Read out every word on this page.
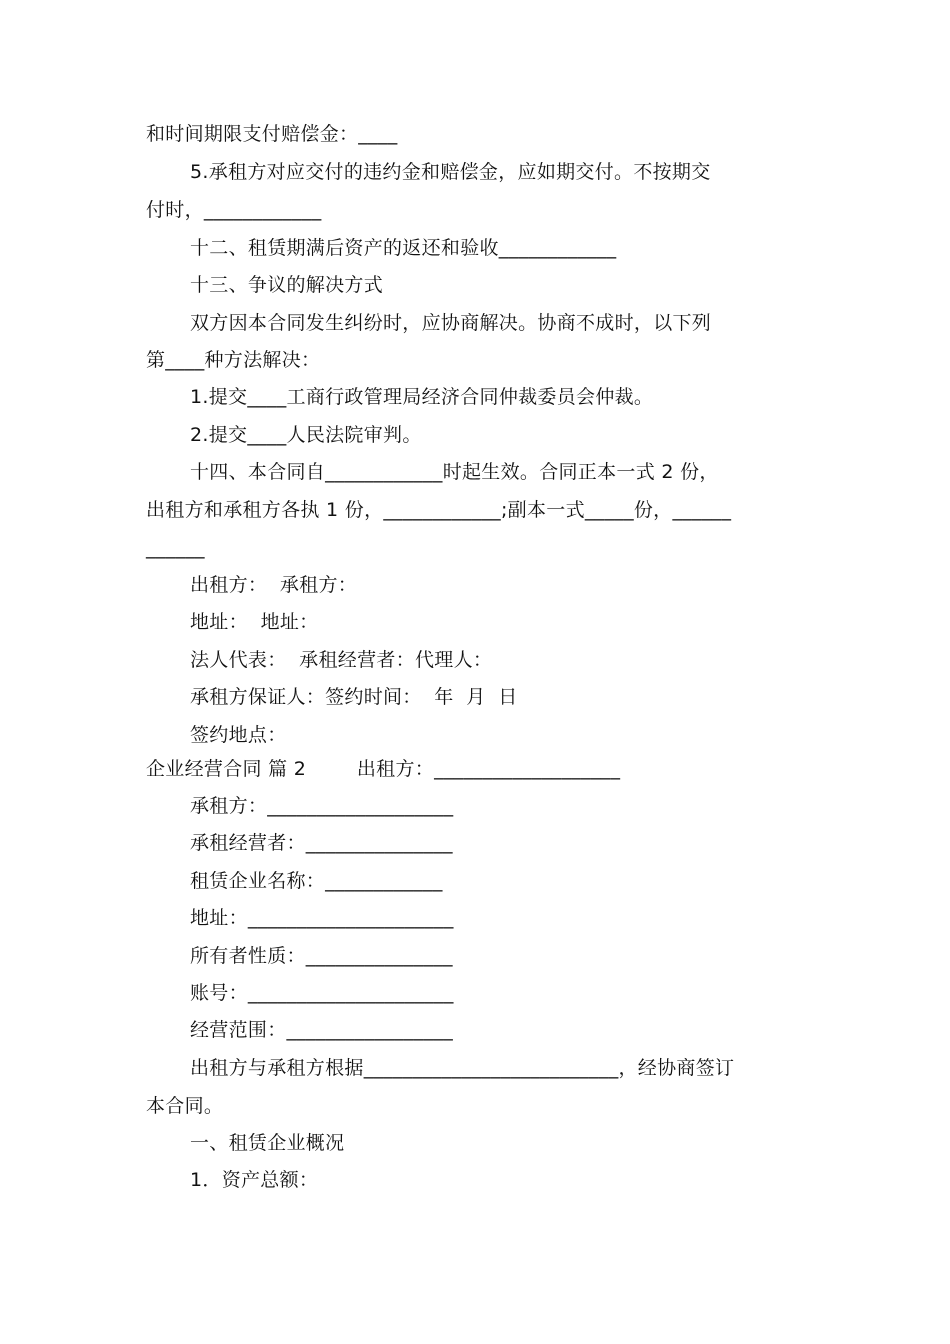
和时间期限支付赔偿金：____
5.承租方对应交付的违约金和赔偿金，应如期交付。不按期交
付时，____________
十二、租赁期满后资产的返还和验收____________
十三、争议的解决方式
双方因本合同发生纠纷时，应协商解决。协商不成时，以下列
第____种方法解决：
1.提交____工商行政管理局经济合同仲裁委员会仲裁。
2.提交____人民法院审判。
十四、本合同自____________时起生效。合同正本一式 2 份，
出租方和承租方各执 1 份，____________;副本一式_____份，______
______
出租方：  承租方：
地址：  地址：
法人代表：  承租经营者：代理人：
承租方保证人：签约时间：  年  月  日
签约地点：
企业经营合同 篇 2        出租方：___________________
承租方：___________________
承租经营者：_______________
租赁企业名称：____________
地址：_____________________
所有者性质：_______________
账号：_____________________
经营范围：_________________
出租方与承租方根据__________________________，经协商签订
本合同。
一、租赁企业概况
1．资产总额：
